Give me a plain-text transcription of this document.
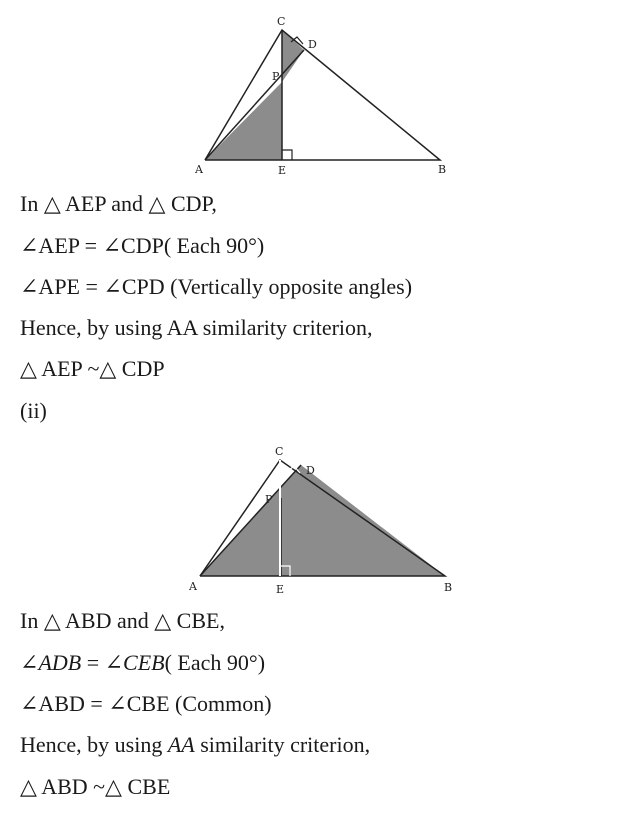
C
D
P
A	E	B
In △ AEP and △ CDP,
∠AEP = ∠CDP( Each 90°)
∠APE = ∠CPD (Vertically opposite angles)
Hence, by using AA similarity criterion,
△ AEP ~△ CDP
(ii)
C
D
P
A	E	B
In △ ABD and △ CBE,
∠ADB = ∠CEB( Each 90°)
∠ABD = ∠CBE (Common)
Hence, by using AA similarity criterion,
△ ABD ~△ CBE
